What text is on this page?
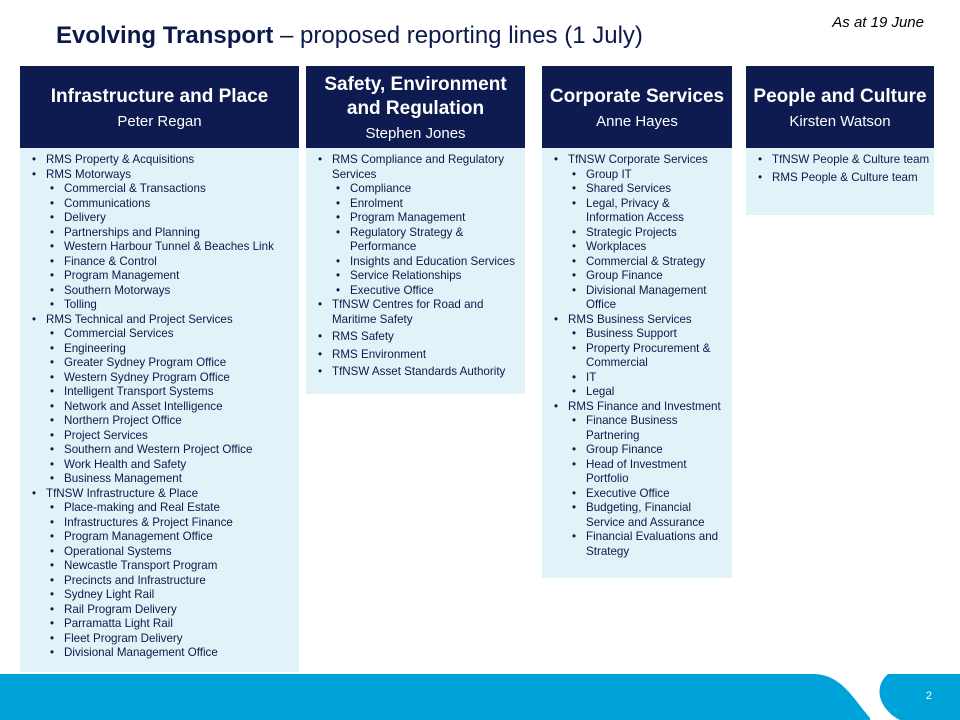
As at 19 June
Evolving Transport – proposed reporting lines (1 July)
Infrastructure and Place
Peter Regan
• RMS Property & Acquisitions
• RMS Motorways
• Commercial & Transactions
• Communications
• Delivery
• Partnerships and Planning
• Western Harbour Tunnel & Beaches Link
• Finance & Control
• Program Management
• Southern Motorways
• Tolling
• RMS Technical and Project Services
• Commercial Services
• Engineering
• Greater Sydney Program Office
• Western Sydney Program Office
• Intelligent Transport Systems
• Network and Asset Intelligence
• Northern Project Office
• Project Services
• Southern and Western Project Office
• Work Health and Safety
• Business Management
• TfNSW Infrastructure & Place
• Place-making and Real Estate
• Infrastructures & Project Finance
• Program Management Office
• Operational Systems
• Newcastle Transport Program
• Precincts and Infrastructure
• Sydney Light Rail
• Rail Program Delivery
• Parramatta Light Rail
• Fleet Program Delivery
• Divisional Management Office
Safety, Environment and Regulation
Stephen Jones
• RMS Compliance and Regulatory Services
• Compliance
• Enrolment
• Program Management
• Regulatory Strategy & Performance
• Insights and Education Services
• Service Relationships
• Executive Office
• TfNSW Centres for Road and Maritime Safety
• RMS Safety
• RMS Environment
• TfNSW Asset Standards Authority
Corporate Services
Anne Hayes
• TfNSW Corporate Services
• Group IT
• Shared Services
• Legal, Privacy & Information Access
• Strategic Projects
• Workplaces
• Commercial & Strategy
• Group Finance
• Divisional Management Office
• RMS Business Services
• Business Support
• Property Procurement & Commercial
• IT
• Legal
• RMS Finance and Investment
• Finance Business Partnering
• Group Finance
• Head of Investment Portfolio
• Executive Office
• Budgeting, Financial Service and Assurance
• Financial Evaluations and Strategy
People and Culture
Kirsten Watson
• TfNSW People & Culture team
• RMS People & Culture team
2
